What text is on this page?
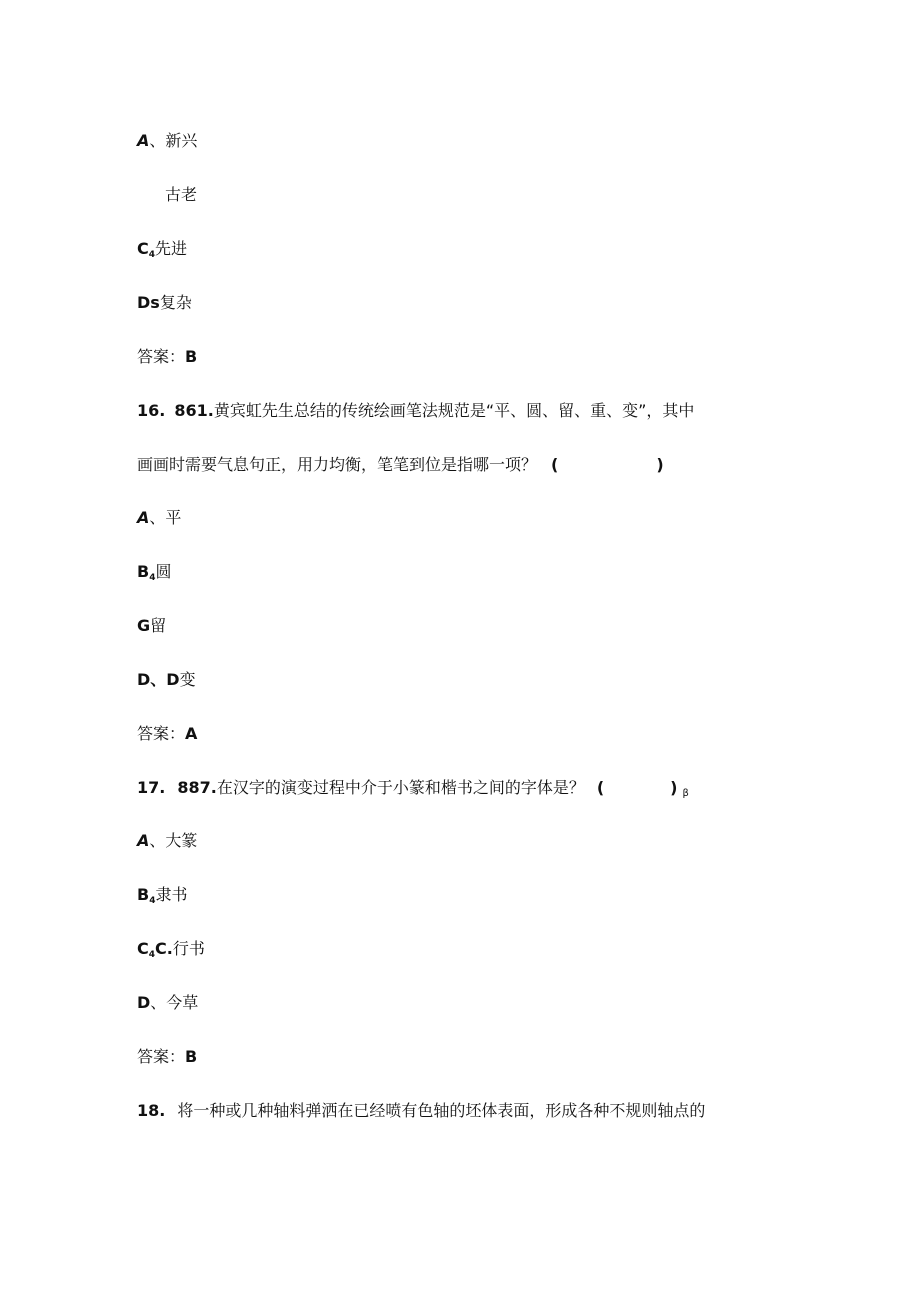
A、新兴
古老
$C_4$先进
Ds复杂
答案：B
16. 861.黄宾虹先生总结的传统绘画笔法规范是“平、圆、留、重、变”，其中
画画时需要气息句正，用力均衡，笔笔到位是指哪一项？ (	)
A、平
$B_4$圆
G留
D、D变
答案：A
17. 887.在汉字的演变过程中介于小篆和楷书之间的字体是？ (	) β
A、大篆
$B_4$隶书
$C_4C$.行书
D、今草
答案：B
18. 将一种或几种轴料弹洒在已经喷有色轴的坯体表面，形成各种不规则轴点的
